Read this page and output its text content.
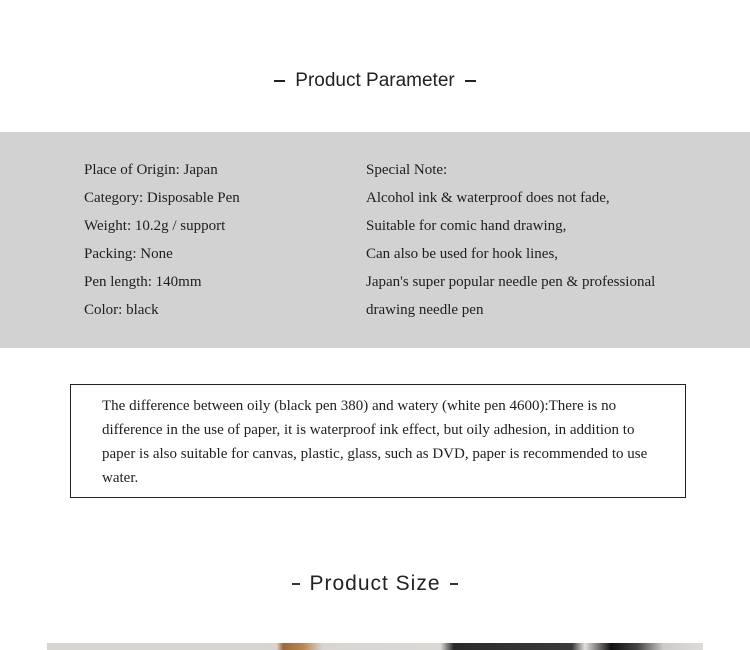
Product Parameter
Place of Origin: Japan
Category: Disposable Pen
Weight: 10.2g / support
Packing: None
Pen length: 140mm
Color: black
Special Note:
Alcohol ink & waterproof does not fade,
Suitable for comic hand drawing,
Can also be used for hook lines,
Japan's super popular needle pen & professional
drawing needle pen
The difference between oily (black pen 380) and watery (white pen 4600):There is no difference in the use of paper, it is waterproof ink effect, but oily adhesion, in addition to paper is also suitable for canvas, plastic, glass, such as DVD, paper is recommended to use water.
Product Size
